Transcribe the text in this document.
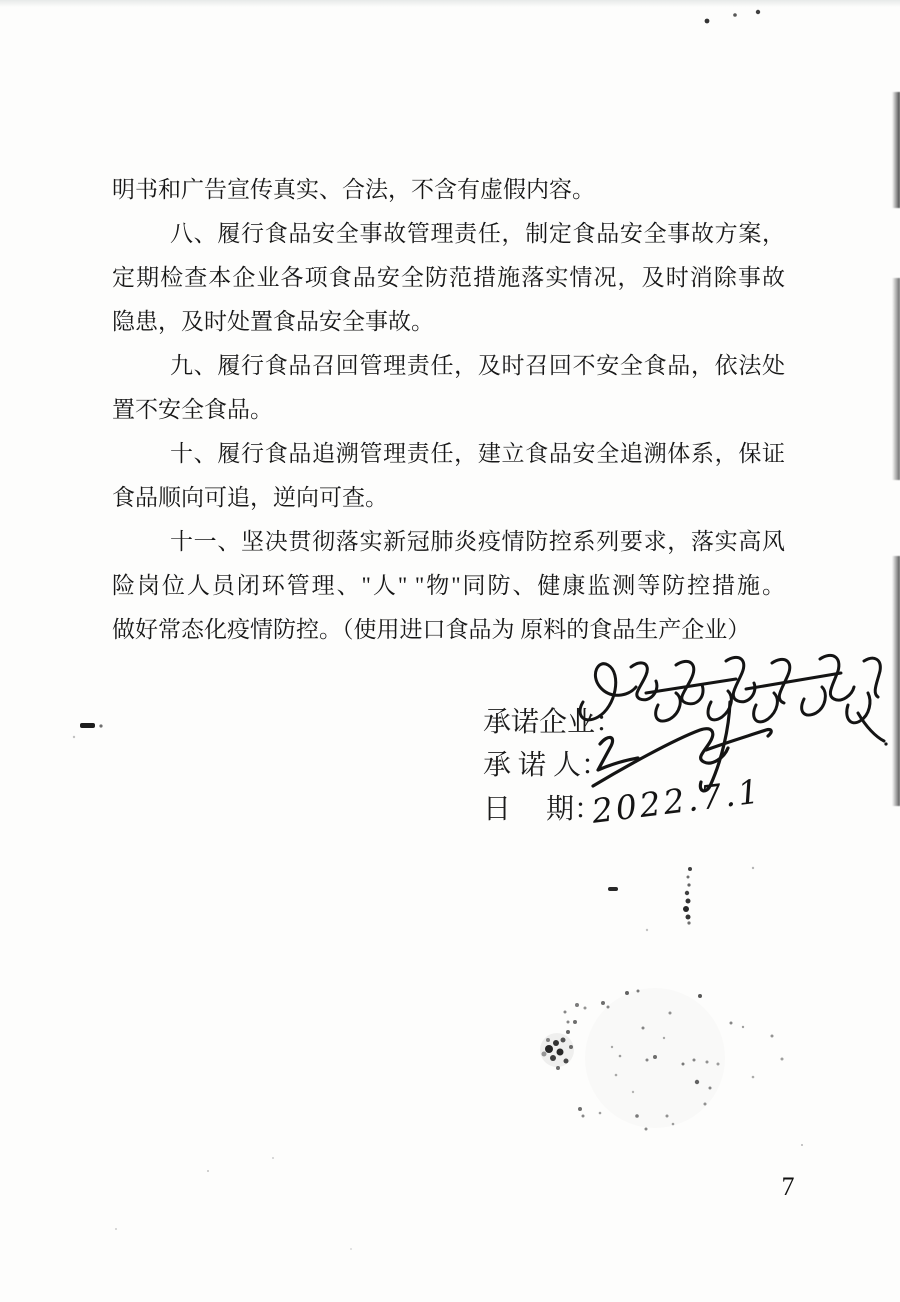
明书和广告宣传真实、合法，不含有虚假内容。
八、履行食品安全事故管理责任，制定食品安全事故方案，
定期检查本企业各项食品安全防范措施落实情况，及时消除事故
隐患，及时处置食品安全事故。
九、履行食品召回管理责任，及时召回不安全食品，依法处
置不安全食品。
十、履行食品追溯管理责任，建立食品安全追溯体系，保证
食品顺向可追，逆向可查。
十一、坚决贯彻落实新冠肺炎疫情防控系列要求，落实高风
险岗位人员闭环管理、"人" "物"同防、健康监测等防控措施。
做好常态化疫情防控。（使用进口食品为 原料的食品生产企业）
承诺企业：
承 诺 人：
日　 期：
2022.7.1
7
